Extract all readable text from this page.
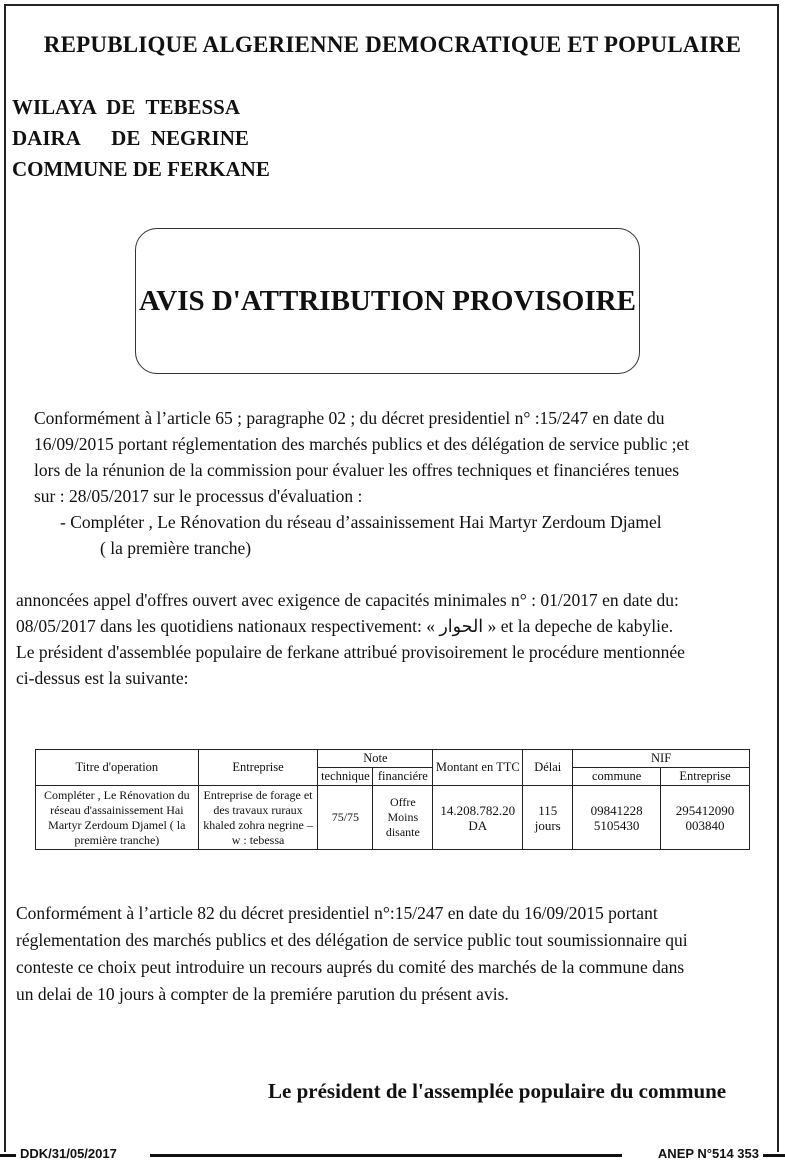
REPUBLIQUE ALGERIENNE DEMOCRATIQUE ET POPULAIRE
WILAYA  DE  TEBESSA
DAIRA      DE  NEGRINE
COMMUNE DE FERKANE
AVIS D'ATTRIBUTION PROVISOIRE
Conformément à l’article 65 ; paragraphe 02 ; du décret presidentiel n° :15/247 en date du
16/09/2015 portant réglementation des marchés publics et des délégation de service public ;et
lors de la rénunion de la commission pour évaluer les offres techniques et financiéres tenues
sur : 28/05/2017 sur le processus d'évaluation :
- Compléter , Le Rénovation du réseau d’assainissement Hai Martyr Zerdoum Djamel
( la première tranche)
annoncées appel d'offres ouvert avec exigence de capacités minimales n° : 01/2017 en date du:
08/05/2017 dans les quotidiens nationaux respectivement: « الحوار » et la depeche de kabylie.
Le président d'assemblée populaire de ferkane attribué provisoirement le procédure mentionnée
ci-dessus est la suivante:
Titre d'operation	Entreprise	Note		Montant en TTC	Délai	NIF	
		technique	financiére			commune	Entreprise
Compléter , Le Rénovation du réseau d'assainissement Hai Martyr Zerdoum Djamel ( la première tranche)	Entreprise de forage et des travaux ruraux khaled zohra negrine – w : tebessa	75/75	Offre Moins disante	14.208.782.20 DA	115 jours	09841228 5105430	295412090 003840
Conformément à l’article 82 du décret presidentiel n°:15/247 en date du 16/09/2015 portant
réglementation des marchés publics et des délégation de service public tout soumissionnaire qui
conteste ce choix peut introduire un recours auprés du comité des marchés de la commune dans
un delai de 10 jours à compter de la premiére parution du présent avis.
Le président de l'assemplée populaire du commune
DDK/31/05/2017	ANEP N°514 353
